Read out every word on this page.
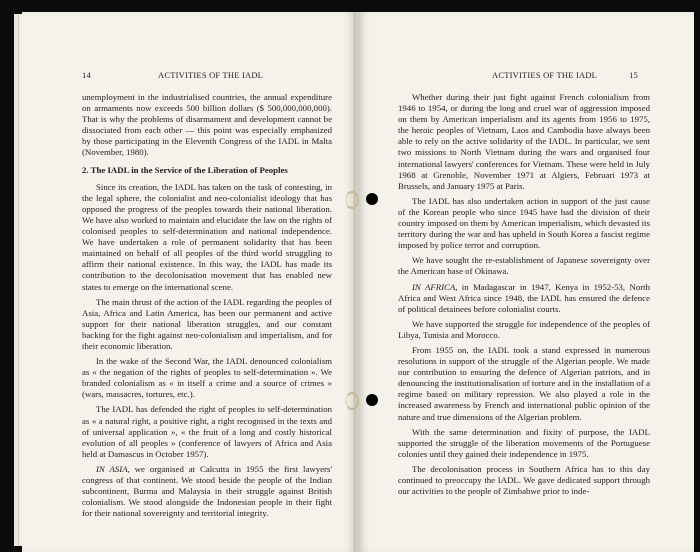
14	ACTIVITIES OF THE IADL

unemployment in the industrialised countries, the annual expenditure on armaments now exceeds 500 billion dollars ($ 500,000,000,000). That is why the problems of disarmament and development cannot be dissociated from each other — this point was especially emphasized by those participating in the Eleventh Congress of the IADL in Malta (November, 1980).

2. The IADL in the Service of the Liberation of Peoples

Since its creation, the IADL has taken on the task of contesting, in the legal sphere, the colonialist and neo-colonialist ideology that has opposed the progress of the peoples towards their national liberation. We have also worked to maintain and elucidate the law on the rights of colonised peoples to self-determination and national independence. We have undertaken a role of permanent solidarity that has been maintained on behalf of all peoples of the third world struggling to affirm their national existence. In this way, the IADL has made its contribution to the decolonisation movement that has enabled new states to emerge on the international scene.

The main thrust of the action of the IADL regarding the peoples of Asia, Africa and Latin America, has been our permanent and active support for their national liberation struggles, and our constant backing for the fight against neo-colonialism and imperialism, and for their economic liberation.

In the wake of the Second War, the IADL denounced colonialism as « the negation of the rights of peoples to self-determination ». We branded colonialism as « in itself a crime and a source of crimes » (wars, massacres, tortures, etc.).

The IADL has defended the right of peoples to self-determination as « a natural right, a positive right, a right recognised in the texts and of universal application », « the fruit of a long and costly historical evolution of all peoples » (conference of lawyers of Africa and Asia held at Damascus in October 1957).

IN ASIA, we organised at Calcutta in 1955 the first lawyers' congress of that continent. We stood beside the people of the Indian subcontinent, Burma and Malaysia in their struggle against British colonialism. We stood alongside the Indonesian people in their fight for their national sovereignty and territorial integrity.

ACTIVITIES OF THE IADL	15

Whether during their just fight against French colonialism from 1946 to 1954, or during the long and cruel war of aggression imposed on them by American imperialism and its agents from 1956 to 1975, the heroic peoples of Vietnam, Laos and Cambodia have always been able to rely on the active solidarity of the IADL. In particular, we sent two missions to North Vietnam during the wars and organised four international lawyers' conferences for Vietnam. These were held in July 1968 at Grenoble, November 1971 at Algiers, Februari 1973 at Brussels, and January 1975 at Paris.

The IADL has also undertaken action in support of the just cause of the Korean people who since 1945 have had the division of their country imposed on them by American imperialism, which devasted its territory during the war and has upheld in South Korea a fascist regime imposed by police terror and corruption.

We have sought the re-establishment of Japanese sovereignty over the American base of Okinawa.

IN AFRICA, in Madagascar in 1947, Kenya in 1952-53, North Africa and West Africa since 1948, the IADL has ensured the defence of political detainees before colonialist courts.

We have supported the struggle for independence of the peoples of Libya, Tunisia and Morocco.

From 1955 on, the IADL took a stand expressed in numerous resolutions in support of the struggle of the Algerian people. We made our contribution to ensuring the defence of Algerian patriots, and in denouncing the institutionalisation of torture and in the installation of a regime based on military repression. We also played a role in the increased awareness by French and international public opinion of the nature and true dimensions of the Algerian problem.

With the same determination and fixity of purpose, the IADL supported the struggle of the liberation movements of the Portuguese colonies until they gained their independence in 1975.

The decolonisation process in Southern Africa has to this day continued to preoccupy the IADL. We gave dedicated support through our activities to the people of Zimbabwe prior to inde-
